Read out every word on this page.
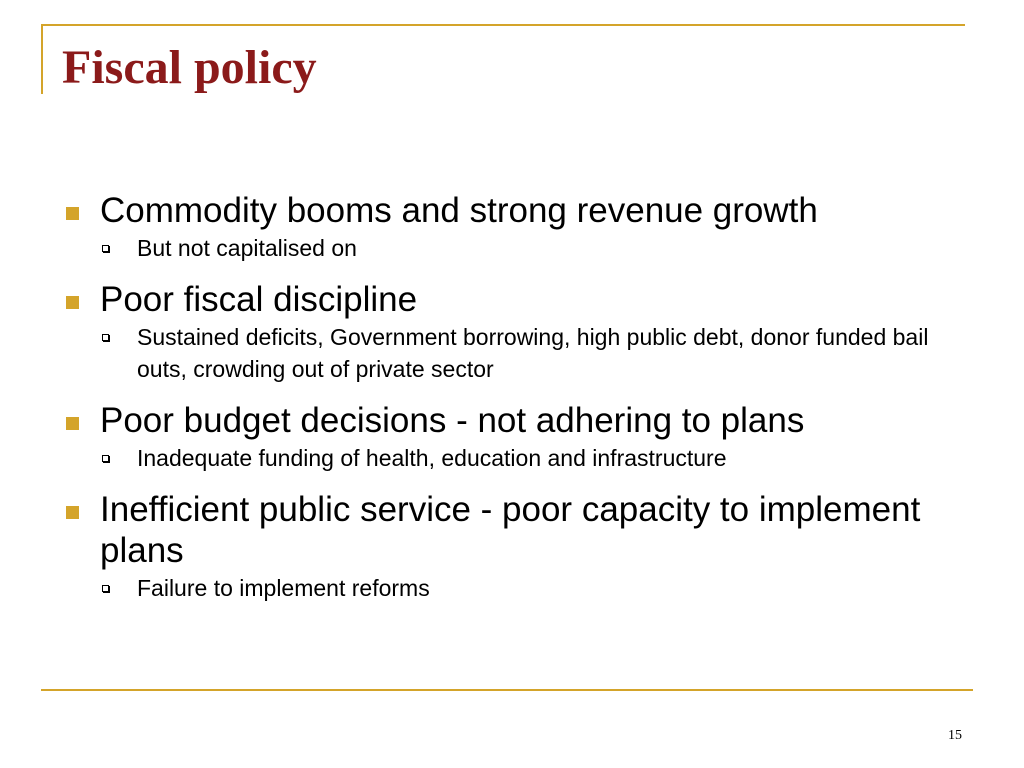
Fiscal policy
Commodity booms and strong revenue growth
But not capitalised on
Poor fiscal discipline
Sustained deficits, Government borrowing, high public debt, donor funded bail outs, crowding out of private sector
Poor budget decisions - not adhering to plans
Inadequate funding of health, education and infrastructure
Inefficient public service - poor capacity to implement plans
Failure to implement reforms
15
